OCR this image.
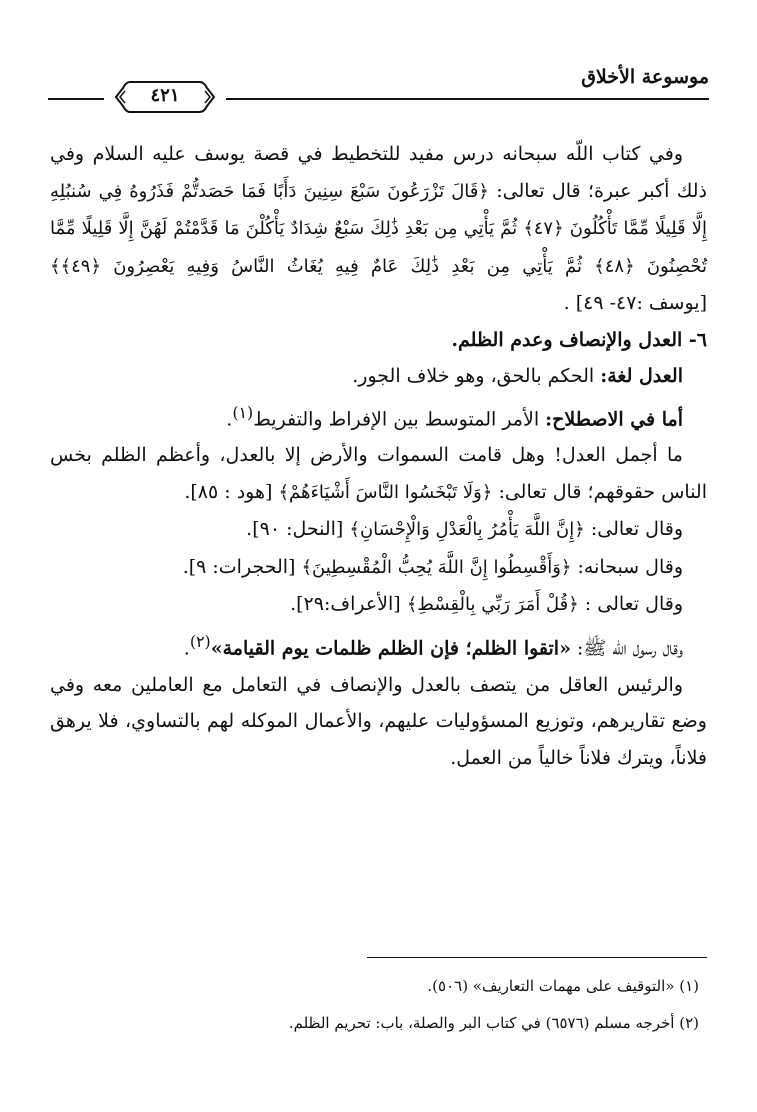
موسوعة الأخلاق
٤٢١

وفي كتاب اللّه سبحانه درس مفيد للتخطيط في قصة يوسف عليه السلام وفي ذلك أكبر عبرة؛ قال تعالى: ﴿قَالَ تَزْرَعُونَ سَبْعَ سِنِينَ دَأَبًا فَمَا حَصَدتُّمْ فَذَرُوهُ فِي سُنبُلِهِ إِلَّا قَلِيلًا مِّمَّا تَأْكُلُونَ ﴿٤٧﴾ ثُمَّ يَأْتِي مِن بَعْدِ ذَٰلِكَ سَبْعٌ شِدَادٌ يَأْكُلْنَ مَا قَدَّمْتُمْ لَهُنَّ إِلَّا قَلِيلًا مِّمَّا تُحْصِنُونَ ﴿٤٨﴾ ثُمَّ يَأْتِي مِن بَعْدِ ذَٰلِكَ عَامٌ فِيهِ يُغَاثُ النَّاسُ وَفِيهِ يَعْصِرُونَ ﴿٤٩﴾﴾ [يوسف :٤٧- ٤٩] .

٦- العدل والإنصاف وعدم الظلم.

العدل لغة: الحكم بالحق، وهو خلاف الجور.

أما في الاصطلاح: الأمر المتوسط بين الإفراط والتفريط$^{(١)}$.

ما أجمل العدل! وهل قامت السموات والأرض إلا بالعدل، وأعظم الظلم بخس الناس حقوقهم؛ قال تعالى: ﴿وَلَا تَبْخَسُوا النَّاسَ أَشْيَاءَهُمْ﴾ [هود : ٨٥].

وقال تعالى: ﴿إِنَّ اللَّهَ يَأْمُرُ بِالْعَدْلِ وَالْإِحْسَانِ﴾ [النحل: ٩٠].

وقال سبحانه: ﴿وَأَقْسِطُوا إِنَّ اللَّهَ يُحِبُّ الْمُقْسِطِينَ﴾ [الحجرات: ٩].

وقال تعالى : ﴿قُلْ أَمَرَ رَبِّي بِالْقِسْطِ﴾ [الأعراف:٢٩].

وقال رسول اللّه ﷺ: «اتقوا الظلم؛ فإن الظلم ظلمات يوم القيامة»$^{(٢)}$.

والرئيس العاقل من يتصف بالعدل والإنصاف في التعامل مع العاملين معه وفي وضع تقاريرهم، وتوزيع المسؤوليات عليهم، والأعمال الموكله لهم بالتساوي، فلا يرهق فلاناً، ويترك فلاناً خالياً من العمل.

(١) «التوقيف على مهمات التعاريف» (٥٠٦).

(٢) أخرجه مسلم (٦٥٧٦) في كتاب البر والصلة، باب: تحريم الظلم.
